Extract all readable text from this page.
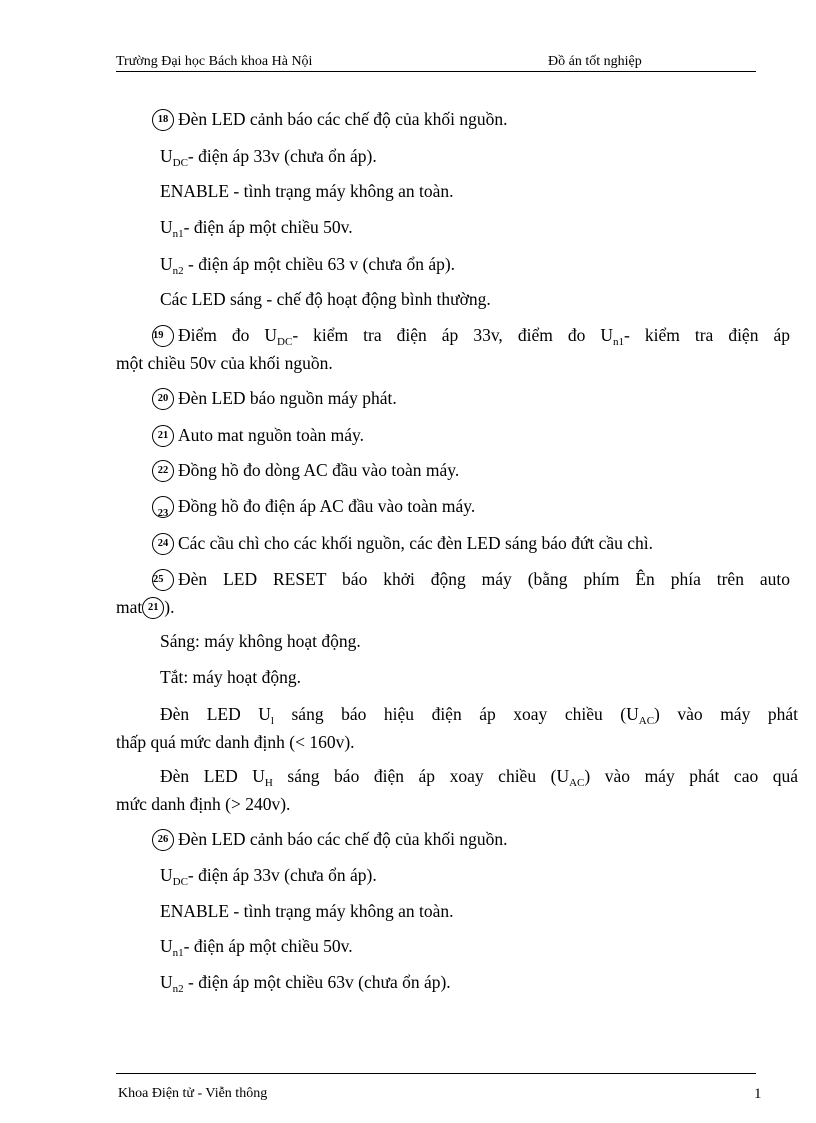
Trường Đại học Bách khoa Hà Nội	Đồ án tốt nghiệp
18 Đèn LED cảnh báo các chế độ của khối nguồn.
$U_{DC}-$ điện áp 33v (chưa ổn áp).
ENABLE - tình trạng máy không an toàn.
$U_{n1}-$ điện áp một chiều 50v.
$U_{n2}$ - điện áp một chiều 63 v (chưa ổn áp).
Các LED sáng - chế độ hoạt động bình thường.
19 Điểm đo $U_{DC}-$ kiểm tra điện áp 33v, điểm đo $U_{n1}-$ kiểm tra điện áp
một chiều 50v của khối nguồn.
20 Đèn LED báo nguồn máy phát.
21 Auto mat nguồn toàn máy.
22 Đồng hồ đo dòng AC đầu vào toàn máy.
23 Đồng hồ đo điện áp AC đầu vào toàn máy.
24 Các cầu chì cho các khối nguồn, các đèn LED sáng báo đứt cầu chì.
25 Đèn LED RESET báo khởi động máy (bằng phím Ên phía trên auto
mat 21 ).
Sáng: máy không hoạt động.
Tắt: máy hoạt động.
Đèn LED $U_l$ sáng báo hiệu điện áp xoay chiều $(U_{AC})$ vào máy phát
thấp quá mức danh định (< 160v).
Đèn LED $U_H$ sáng báo điện áp xoay chiều $(U_{AC})$ vào máy phát cao quá
mức danh định (> 240v).
26 Đèn LED cảnh báo các chế độ của khối nguồn.
$U_{DC}-$ điện áp 33v (chưa ổn áp).
ENABLE - tình trạng máy không an toàn.
$U_{n1}-$ điện áp một chiều 50v.
$U_{n2}$ - điện áp một chiều 63v (chưa ổn áp).
Khoa Điện tử - Viễn thông	1
